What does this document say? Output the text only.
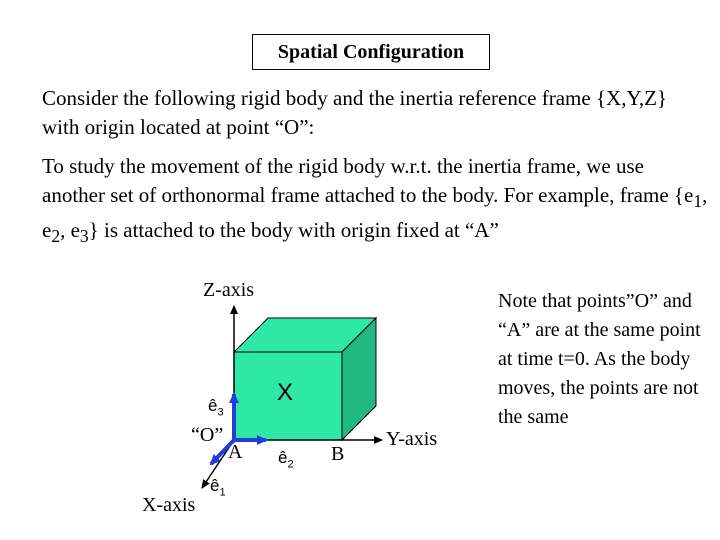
Spatial Configuration

Consider the following rigid body and the inertia reference frame {X,Y,Z} with origin located at point “O”:

To study the movement of the rigid body w.r.t. the inertia frame, we use another set of orthonormal frame attached to the body. For example, frame {$e_1$, $e_2$, $e_3$} is attached to the body with origin fixed at “A”

Z-axis
Y-axis
X-axis
“O”
A	B
X
$ê_3$
$ê_2$
$ê_1$
Note that points”O” and “A” are at the same point at time t=0. As the body moves, the points are not the same
